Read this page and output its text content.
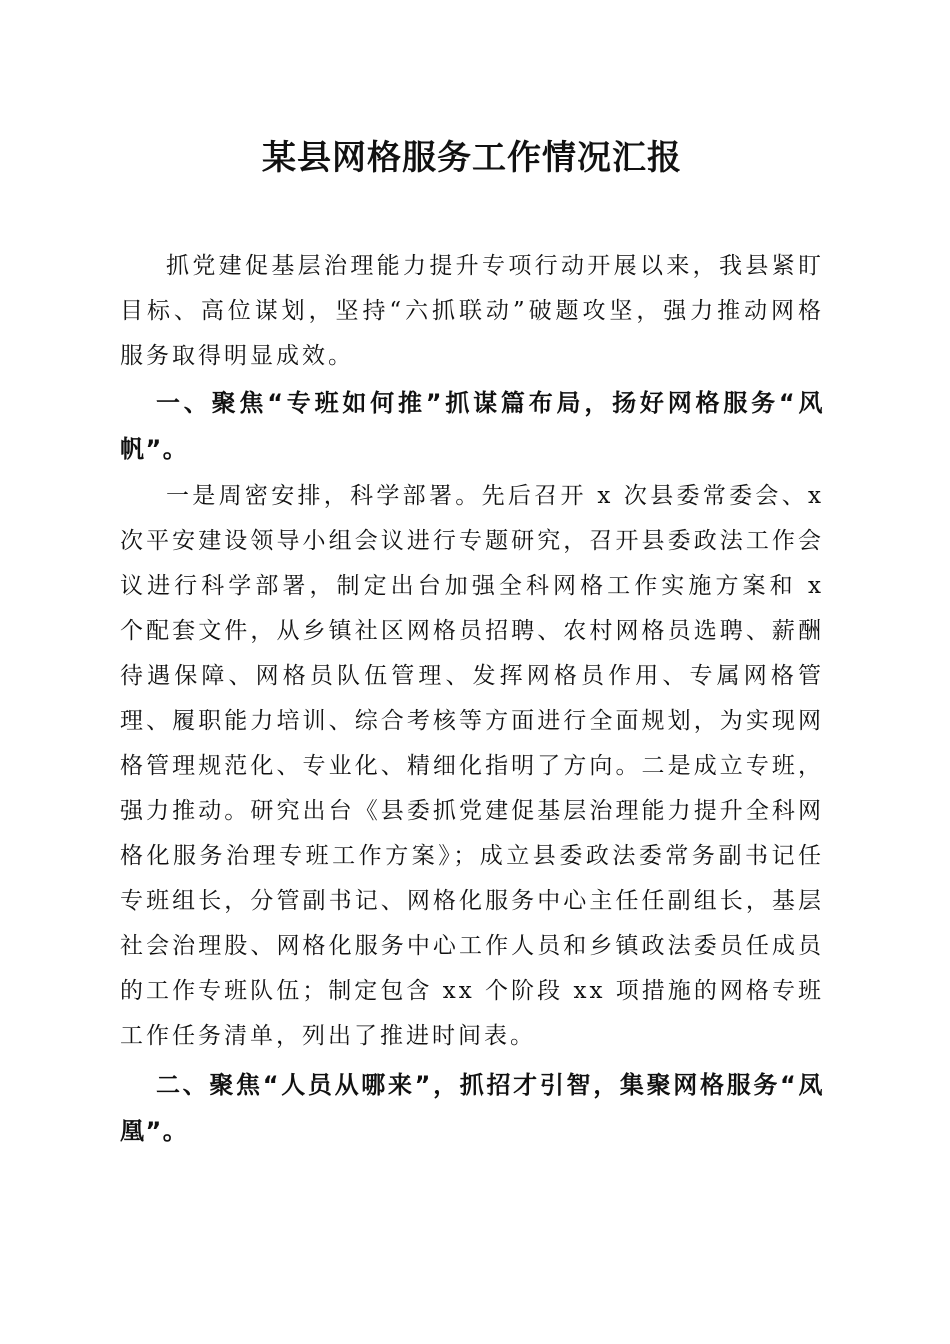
某县网格服务工作情况汇报

抓党建促基层治理能力提升专项行动开展以来，我县紧盯目标、高位谋划，坚持“六抓联动”破题攻坚，强力推动网格服务取得明显成效。

一、聚焦“专班如何推”抓谋篇布局，扬好网格服务“风帆”。

一是周密安排，科学部署。先后召开 x 次县委常委会、x 次平安建设领导小组会议进行专题研究，召开县委政法工作会议进行科学部署，制定出台加强全科网格工作实施方案和 x 个配套文件，从乡镇社区网格员招聘、农村网格员选聘、薪酬待遇保障、网格员队伍管理、发挥网格员作用、专属网格管理、履职能力培训、综合考核等方面进行全面规划，为实现网格管理规范化、专业化、精细化指明了方向。二是成立专班，强力推动。研究出台《县委抓党建促基层治理能力提升全科网格化服务治理专班工作方案》；成立县委政法委常务副书记任专班组长，分管副书记、网格化服务中心主任任副组长，基层社会治理股、网格化服务中心工作人员和乡镇政法委员任成员的工作专班队伍；制定包含 xx 个阶段 xx 项措施的网格专班工作任务清单，列出了推进时间表。

二、聚焦“人员从哪来”，抓招才引智，集聚网格服务“凤凰”。
